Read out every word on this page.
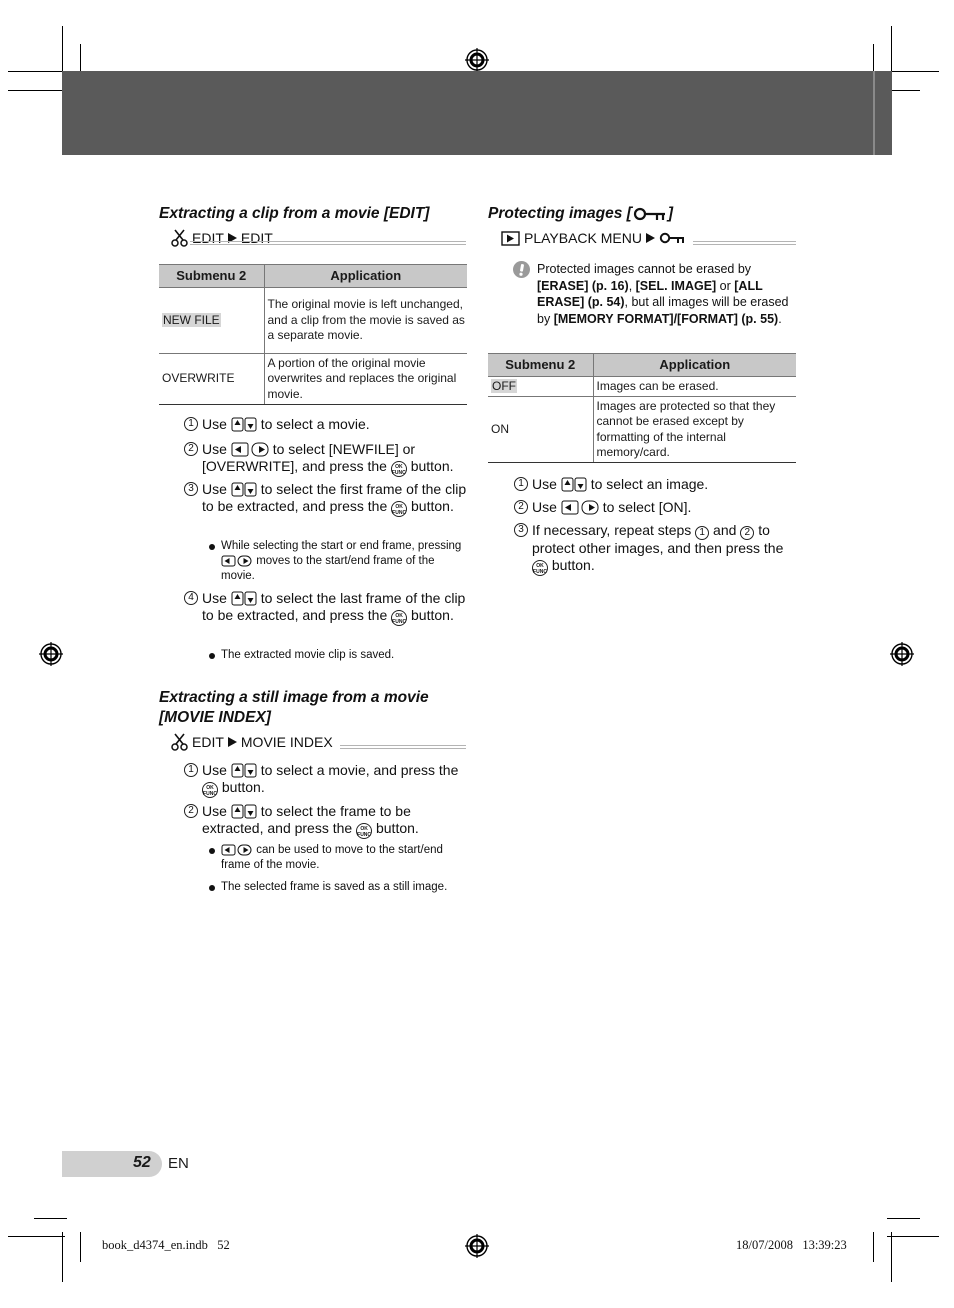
Extracting a clip from a movie [EDIT]
EDIT EDIT
Submenu 2	Application
NEW FILE	The original movie is left unchanged, and a clip from the movie is saved as a separate movie.
OVERWRITE	A portion of the original movie overwrites and replaces the original movie.
1 Use to select a movie.
2 Use	to select [NEWFILE] or [OVERWRITE], and press the OK
FUNC button.
3 Use to select the first frame of the clip to be extracted, and press the OK
FUNC button.
While selecting the start or end frame, pressing  moves to the start/end frame of the movie.
4 Use to select the last frame of the clip to be extracted, and press the OK
FUNC button.
The extracted movie clip is saved.
Extracting a still image from a movie
[MOVIE INDEX]
EDIT MOVIE INDEX
1 Use to select a movie, and press the OK
FUNC button.
2 Use to select the frame to be extracted, and press the OK
FUNC button.
can be used to move to the start/end frame of the movie.
The selected frame is saved as a still image.
Protecting images [ ]
PLAYBACK MENU
Protected images cannot be erased by [ERASE] (p. 16), [SEL. IMAGE] or [ALL ERASE] (p. 54), but all images will be erased by [MEMORY FORMAT]/[FORMAT] (p. 55).
Submenu 2	Application
OFF	Images can be erased.
ON	Images are protected so that they cannot be erased except by formatting of the internal memory/card.
1 Use to select an image.
2 Use	to select [ON].
3 If necessary, repeat steps 1 and 2 to protect other images, and then press the OK
FUNC button.
52 EN
book_d4374_en.indb   52	18/07/2008   13:39:23
